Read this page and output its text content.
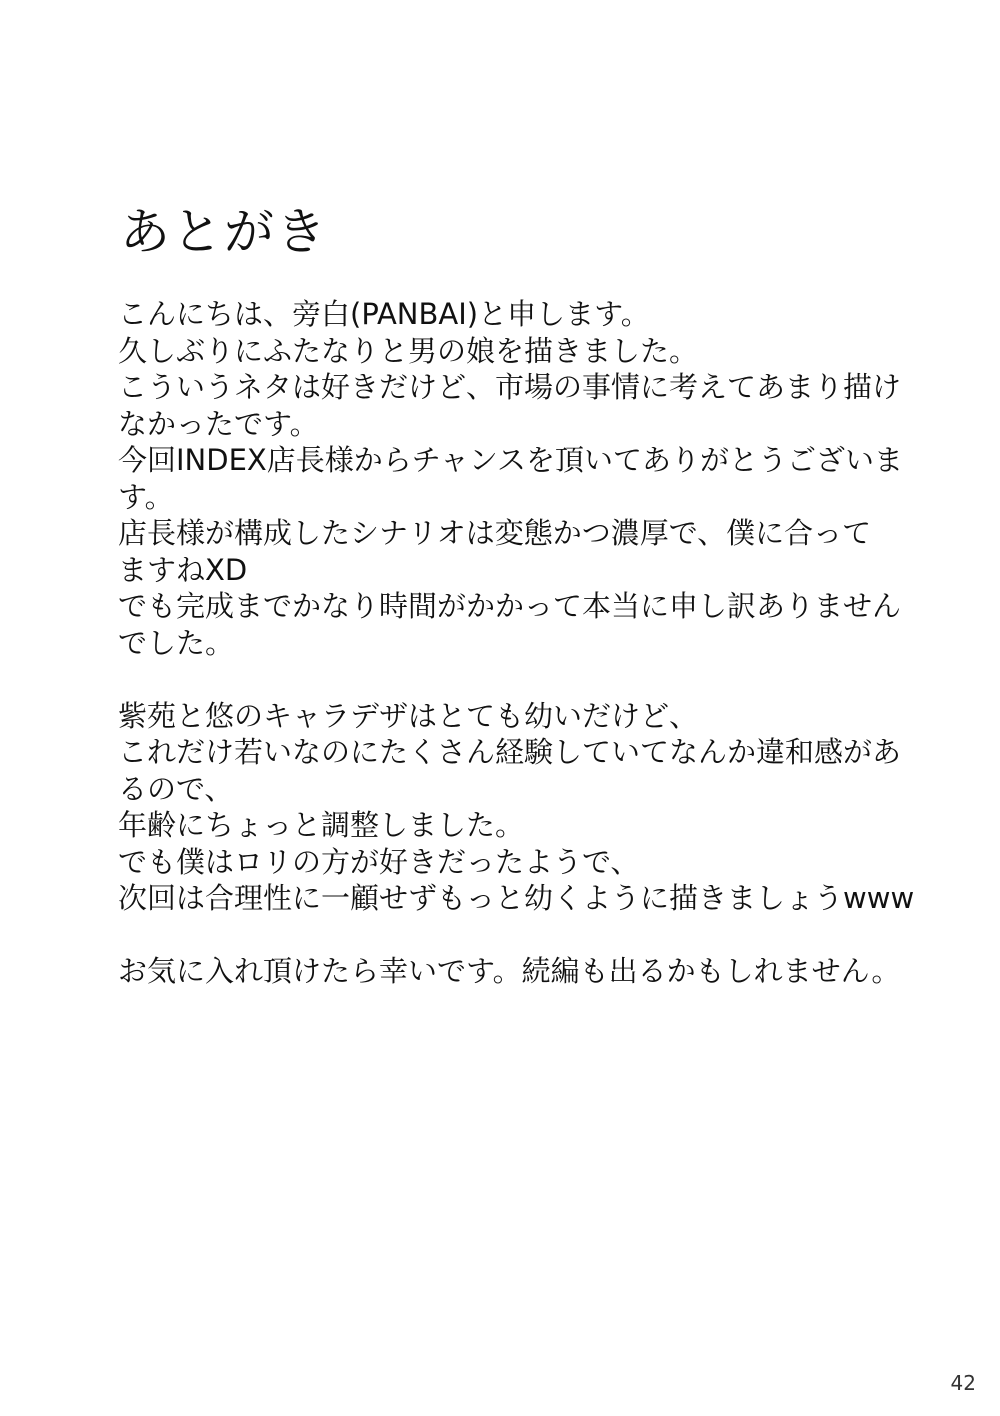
あとがき
こんにちは、旁白(PANBAI)と申します。
久しぶりにふたなりと男の娘を描きました。
こういうネタは好きだけど、市場の事情に考えてあまり描け
なかったです。
今回INDEX店長様からチャンスを頂いてありがとうございま
す。
店長様が構成したシナリオは変態かつ濃厚で、僕に合って
ますねXD
でも完成までかなり時間がかかって本当に申し訳ありません
でした。
紫苑と悠のキャラデザはとても幼いだけど、
これだけ若いなのにたくさん経験していてなんか違和感があ
るので、
年齢にちょっと調整しました。
でも僕はロリの方が好きだったようで、
次回は合理性に一顧せずもっと幼くように描きましょうwww
お気に入れ頂けたら幸いです。続編も出るかもしれません。
42
